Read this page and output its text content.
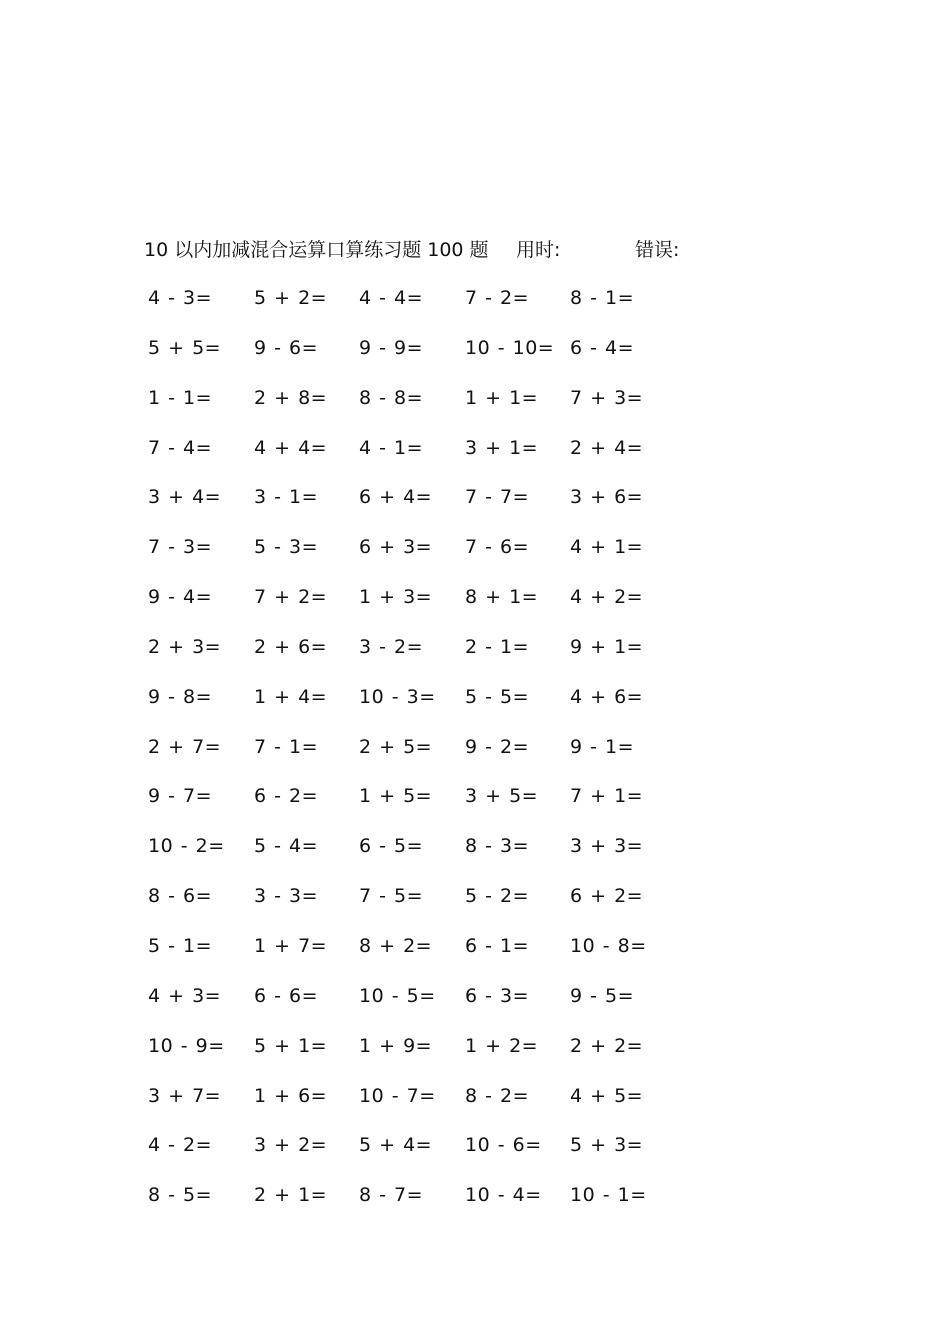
10 以内加减混合运算口算练习题 100 题 用时:	错误:
4 - 3= 5 + 2= 4 - 4= 7 - 2= 8 - 1=
5 + 5= 9 - 6= 9 - 9= 10 - 10= 6 - 4=
1 - 1= 2 + 8= 8 - 8= 1 + 1= 7 + 3=
7 - 4= 4 + 4= 4 - 1= 3 + 1= 2 + 4=
3 + 4= 3 - 1= 6 + 4= 7 - 7= 3 + 6=
7 - 3= 5 - 3= 6 + 3= 7 - 6= 4 + 1=
9 - 4= 7 + 2= 1 + 3= 8 + 1= 4 + 2=
2 + 3= 2 + 6= 3 - 2= 2 - 1= 9 + 1=
9 - 8= 1 + 4= 10 - 3= 5 - 5= 4 + 6=
2 + 7= 7 - 1= 2 + 5= 9 - 2= 9 - 1=
9 - 7= 6 - 2= 1 + 5= 3 + 5= 7 + 1=
10 - 2= 5 - 4= 6 - 5= 8 - 3= 3 + 3=
8 - 6= 3 - 3= 7 - 5= 5 - 2= 6 + 2=
5 - 1= 1 + 7= 8 + 2= 6 - 1= 10 - 8=
4 + 3= 6 - 6= 10 - 5= 6 - 3= 9 - 5=
10 - 9= 5 + 1= 1 + 9= 1 + 2= 2 + 2=
3 + 7= 1 + 6= 10 - 7= 8 - 2= 4 + 5=
4 - 2= 3 + 2= 5 + 4= 10 - 6= 5 + 3=
8 - 5= 2 + 1= 8 - 7= 10 - 4= 10 - 1=
